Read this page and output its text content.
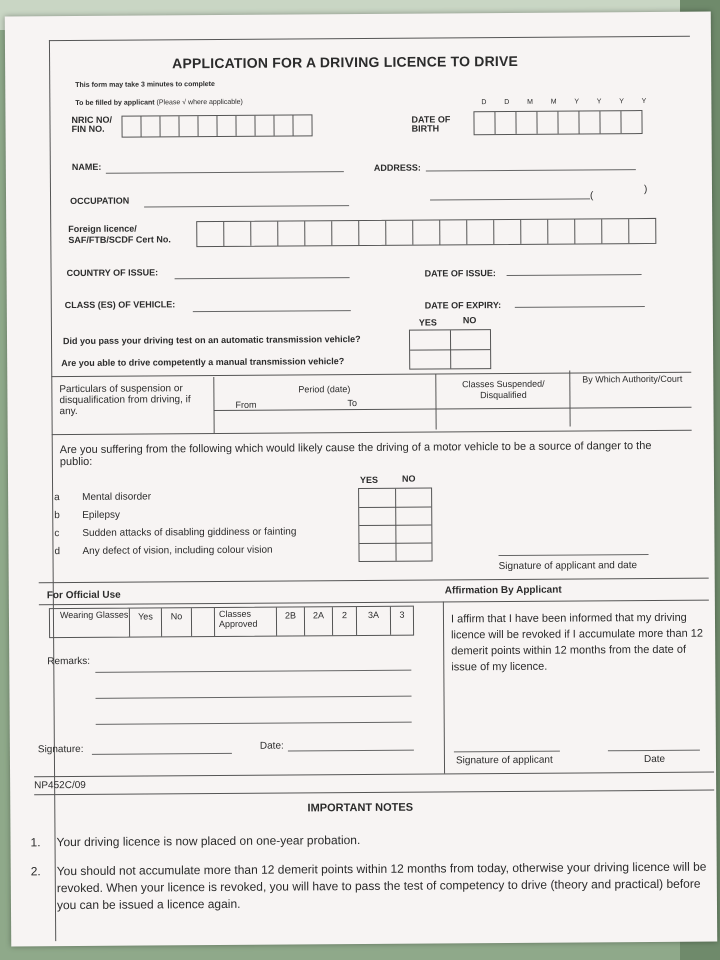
APPLICATION FOR A DRIVING LICENCE TO DRIVE
This form may take 3 minutes to complete
To be filled by applicant (Please √ where applicable)	D	D	M	M	Y	Y	Y	Y
NRIC NO/
FIN NO.
DATE OF
BIRTH
NAME:	ADDRESS:
OCCUPATION	(
)
Foreign licence/
SAF/FTB/SCDF Cert No.
COUNTRY OF ISSUE:	DATE OF ISSUE:
CLASS (ES) OF VEHICLE:	DATE OF EXPIRY:
YES	NO
Did you pass your driving test on an automatic transmission vehicle?
Are you able to drive competently a manual transmission vehicle?
Particulars of suspension or disqualification from driving, if any.
Period (date)
From	To
Classes Suspended/ Disqualified
By Which Authority/Court
Are you suffering from the following which would likely cause the driving of a motor vehicle to be a source of danger to the publio:
YES	NO
a Mental disorder
b Epilepsy
c Sudden attacks of disabling giddiness or fainting
d Any defect of vision, including colour vision
Signature of applicant and date
For Official Use	Affirmation By Applicant
Wearing Glasses	Yes	No	Classes Approved
2B	2A	2	3A	3
Remarks:
I affirm that I have been informed that my driving licence will be revoked if I accumulate more than 12 demerit points within 12 months from the date of issue of my licence.
Signature:	Date:
Signature of applicant	Date
NP452C/09
IMPORTANT NOTES
1.	Your driving licence is now placed on one-year probation.
2.	You should not accumulate more than 12 demerit points within 12 months from today, otherwise your driving licence will be revoked. When your licence is revoked, you will have to pass the test of competency to drive (theory and practical) before you can be issued a licence again.
